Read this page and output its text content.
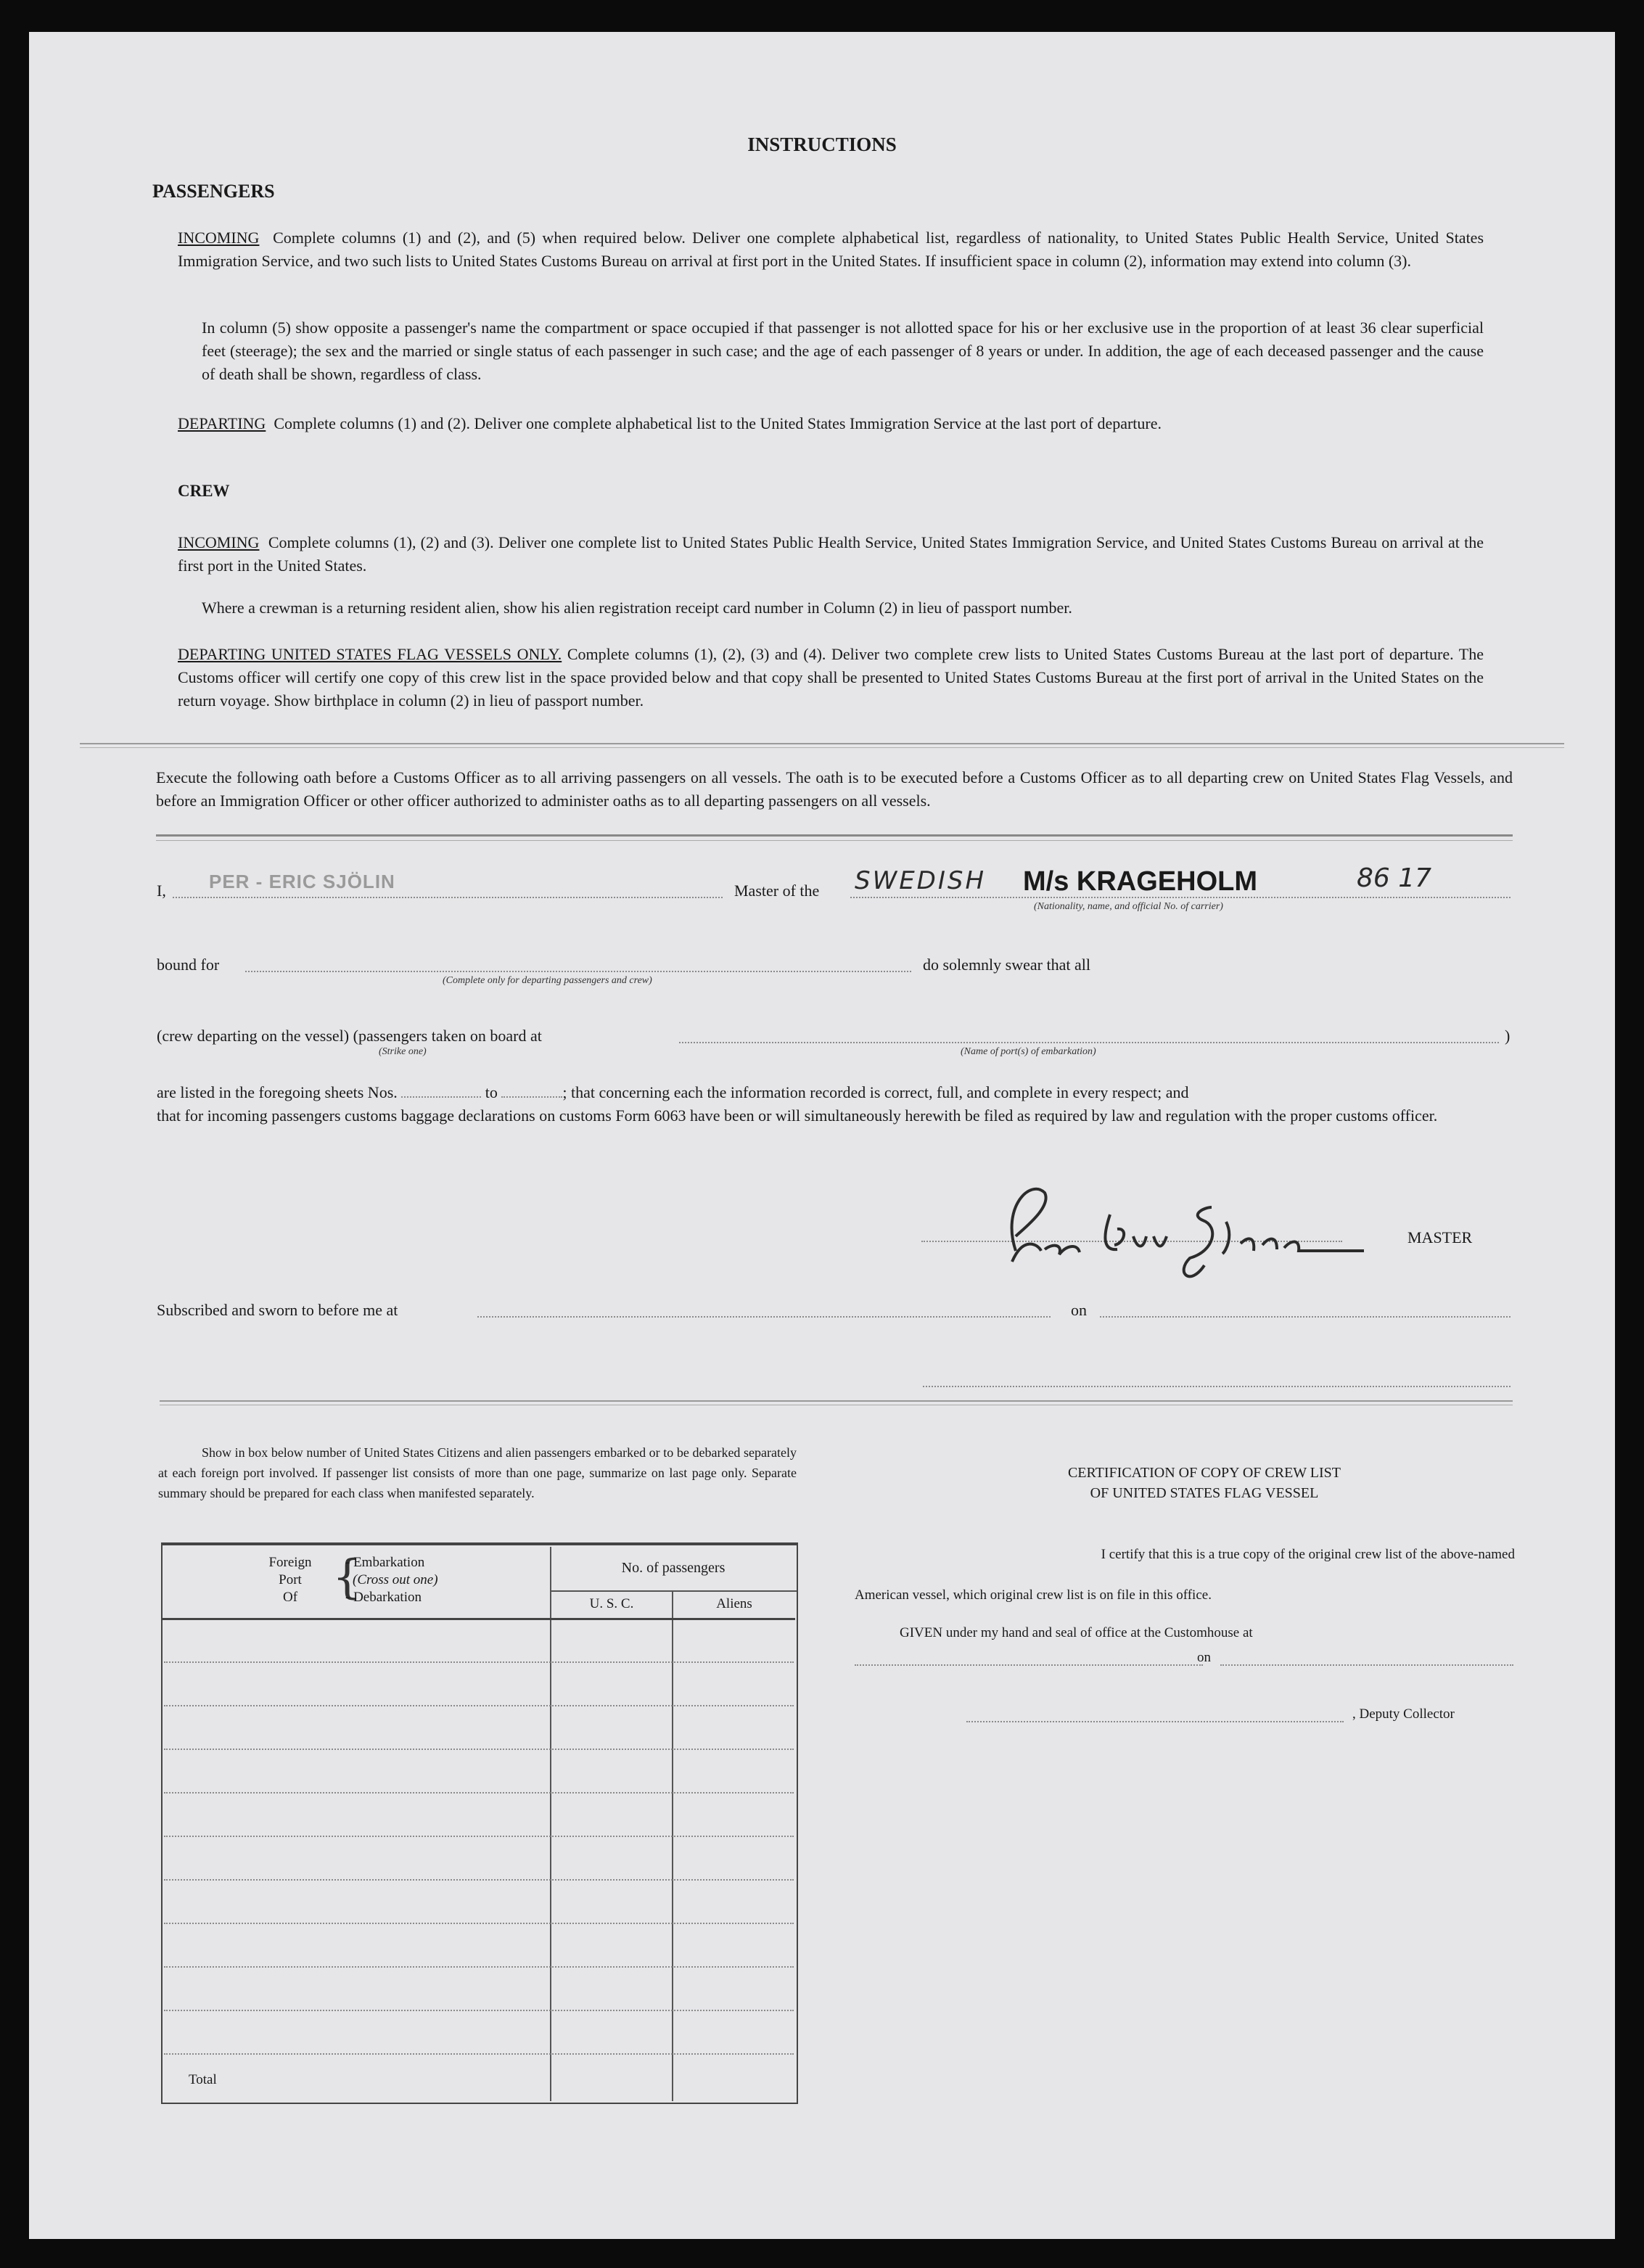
INSTRUCTIONS
PASSENGERS
INCOMING Complete columns (1) and (2), and (5) when required below. Deliver one complete alphabetical list, regardless of nationality, to United States Public Health Service, United States Immigration Service, and two such lists to United States Customs Bureau on arrival at first port in the United States. If insufficient space in column (2), information may extend into column (3).
In column (5) show opposite a passenger's name the compartment or space occupied if that passenger is not allotted space for his or her exclusive use in the proportion of at least 36 clear superficial feet (steerage); the sex and the married or single status of each passenger in such case; and the age of each passenger of 8 years or under. In addition, the age of each deceased passenger and the cause of death shall be shown, regardless of class.
DEPARTING Complete columns (1) and (2). Deliver one complete alphabetical list to the United States Immigration Service at the last port of departure.
CREW
INCOMING Complete columns (1), (2) and (3). Deliver one complete list to United States Public Health Service, United States Immigration Service, and United States Customs Bureau on arrival at the first port in the United States.
Where a crewman is a returning resident alien, show his alien registration receipt card number in Column (2) in lieu of passport number.
DEPARTING UNITED STATES FLAG VESSELS ONLY. Complete columns (1), (2), (3) and (4). Deliver two complete crew lists to United States Customs Bureau at the last port of departure. The Customs officer will certify one copy of this crew list in the space provided below and that copy shall be presented to United States Customs Bureau at the first port of arrival in the United States on the return voyage. Show birthplace in column (2) in lieu of passport number.
Execute the following oath before a Customs Officer as to all arriving passengers on all vessels. The oath is to be executed before a Customs Officer as to all departing crew on United States Flag Vessels, and before an Immigration Officer or other officer authorized to administer oaths as to all departing passengers on all vessels.
I, PER - ERIC SJÖLIN	Master of the SWEDISH M/s KRAGEHOLM	86 17
(Nationality, name, and official No. of carrier)
bound for
(Complete only for departing passengers and crew)
do solemnly swear that all
(crew departing on the vessel) (passengers taken on board at
(Strike one)	(Name of port(s) of embarkation)
)
are listed in the foregoing sheets Nos.	to	; that concerning each the information recorded is correct, full, and complete in every respect; and
that for incoming passengers customs baggage declarations on customs Form 6063 have been or will simultaneously herewith be filed as required by law and regulation with the proper customs officer.
MASTER
Subscribed and sworn to before me at	on
Show in box below number of United States Citizens and alien passengers embarked or to be debarked separately at each foreign port involved. If passenger list consists of more than one page, summarize on last page only. Separate summary should be prepared for each class when manifested separately.
Foreign
Port
Of {
- Embarkation
(Cross out one)
- Debarkation
No. of passengers
U. S. C.	Aliens
Total
CERTIFICATION OF COPY OF CREW LIST
OF UNITED STATES FLAG VESSEL
I certify that this is a true copy of the original crew list of the above-named
American vessel, which original crew list is on file in this office.
GIVEN under my hand and seal of office at the Customhouse at
on
, Deputy Collector
